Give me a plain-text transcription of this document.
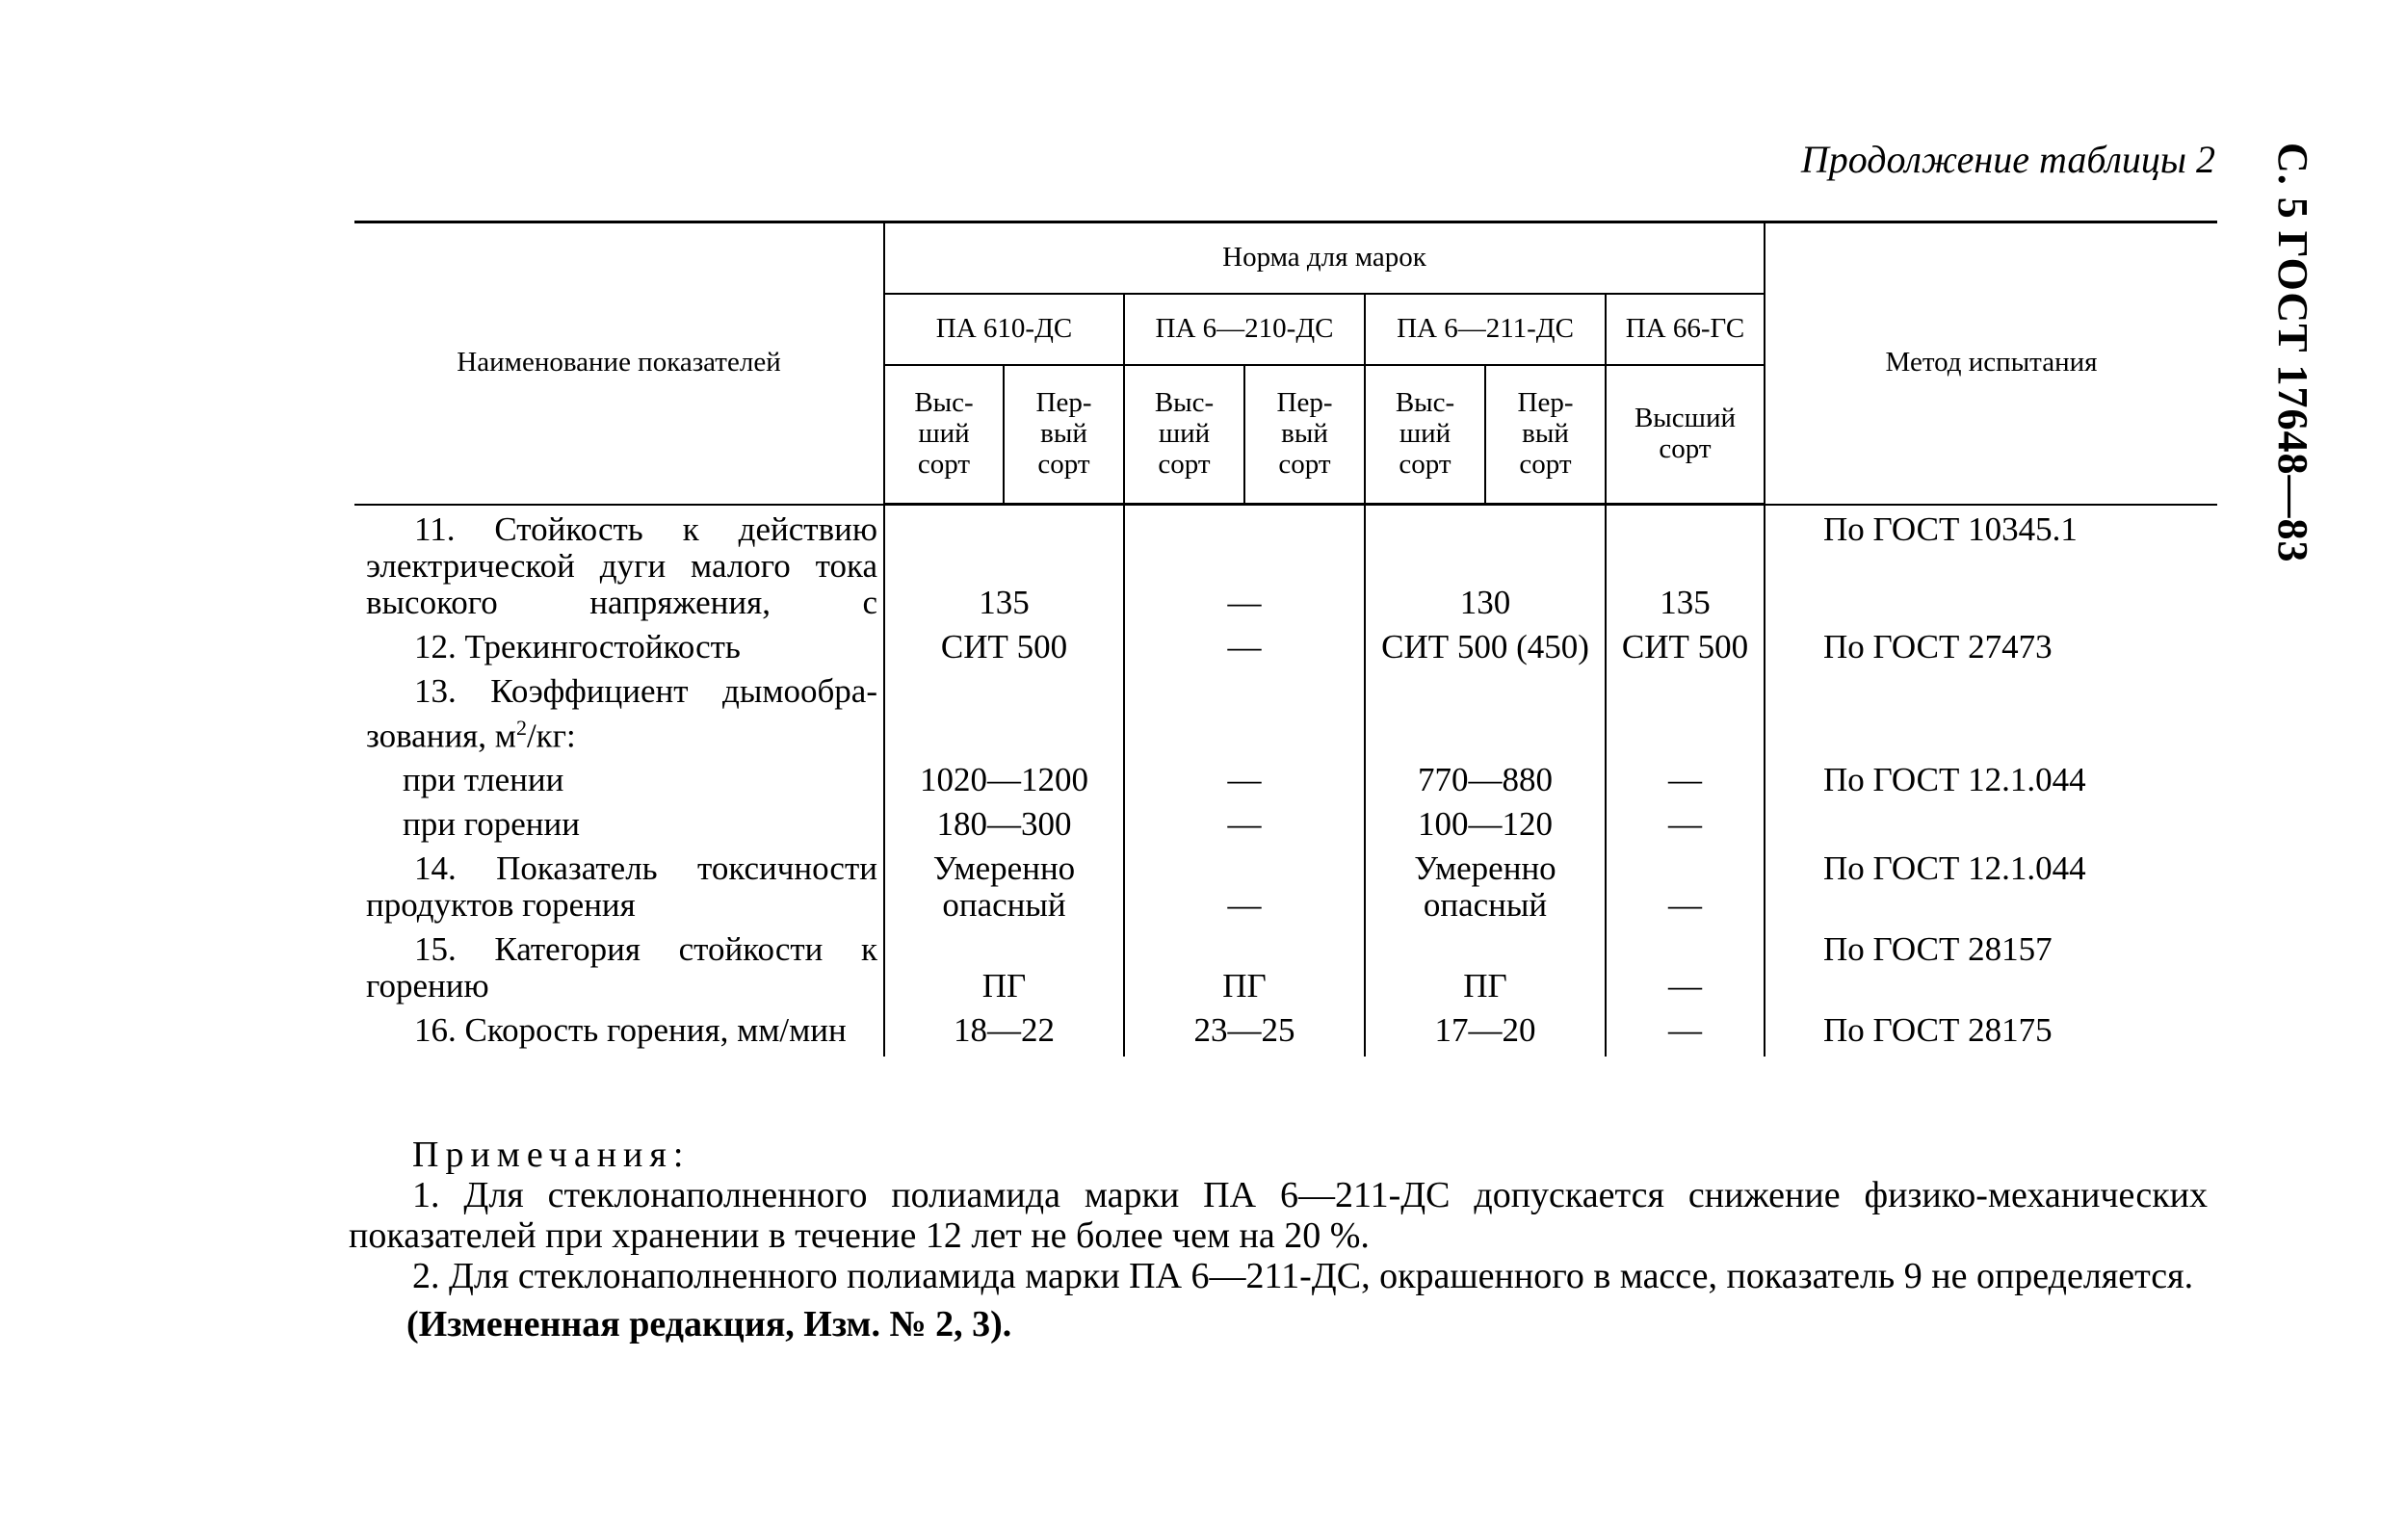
Продолжение таблицы 2 С. 5 ГОСТ 17648—83
Наименование показателей	Норма для марок							Метод испытания
	ПА 610-ДС		ПА 6—210-ДС		ПА 6—211-ДС		ПА 66-ГС	
	Выс-
ший
сорт	Пер-
вый
сорт	Выс-
ший
сорт	Пер-
вый
сорт	Выс-
ший
сорт	Пер-
вый
сорт	Высший
сорт	

11. Стойкость к действию электрической дуги малого тока высокого напряжения, с	135		—		130		135	По ГОСТ 10345.1

12. Трекингостойкость	СИТ 500		—		СИТ 500 (450)		СИТ 500	По ГОСТ 27473

13. Коэффициент дымообра- зования, $м^2/кг$:								

при тлении	1020—1200		—		770—880		—	По ГОСТ 12.1.044

при горении	180—300		—		100—120		—	

14. Показатель токсичности продуктов горения	Умеренно опасный		—		Умеренно опасный		—	По ГОСТ 12.1.044

15. Категория стойкости к горению	ПГ		ПГ		ПГ		—	По ГОСТ 28157

16. Скорость горения, мм/мин	18—22		23—25		17—20		—	По ГОСТ 28175
Примечания:

1. Для стеклонаполненного полиамида марки ПА 6—211-ДС допускается снижение физико-механических показателей при хранении в течение 12 лет не более чем на 20 %.

2. Для стеклонаполненного полиамида марки ПА 6—211-ДС, окрашенного в массе, показатель 9 не определяется.

(Измененная редакция, Изм. № 2, 3).
